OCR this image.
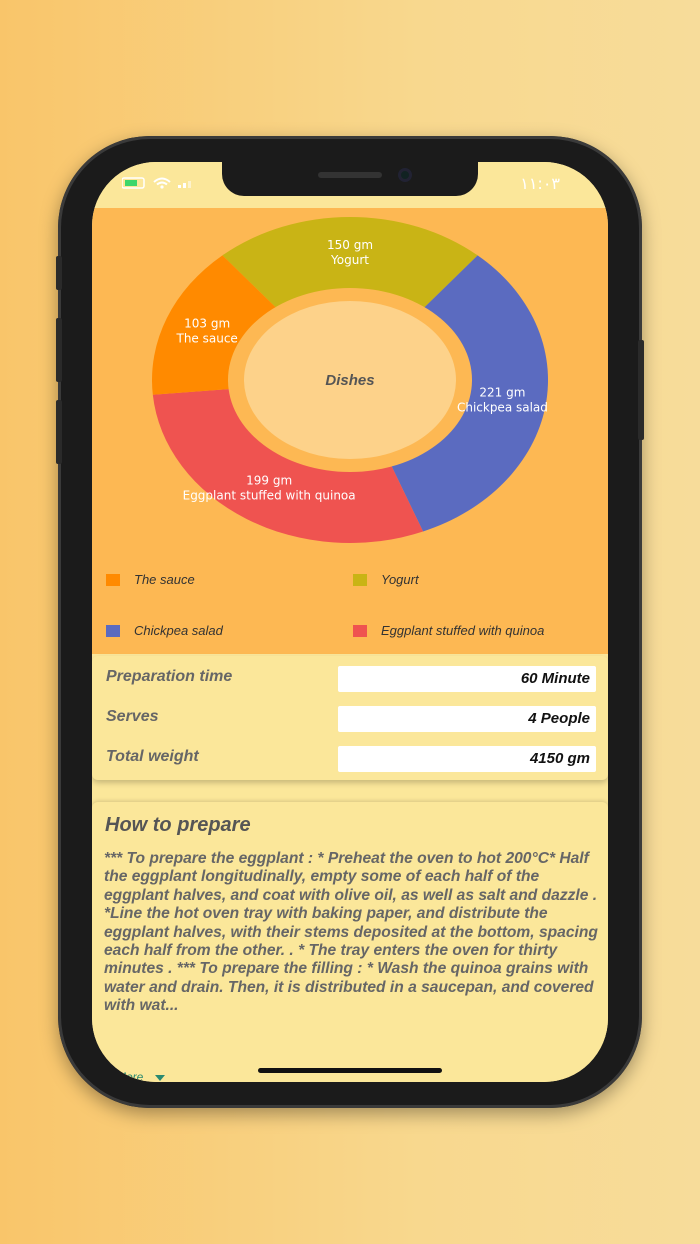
١١:٠٣
Dishes
150 gm
Yogurt
221 gm
Chickpea salad
199 gm
Eggplant stuffed with quinoa
103 gm
The sauce
The sauce	Yogurt
Chickpea salad	Eggplant stuffed with quinoa
Preparation time	60 Minute
Serves	4 People
Total weight	4150 gm
How to prepare
*** To prepare the eggplant : * Preheat the oven to hot 200°C* Half the eggplant longitudinally, empty some of each half of the eggplant halves, and coat with olive oil, as well as salt and dazzle . *Line the hot oven tray with baking paper, and distribute the eggplant halves, with their stems deposited at the bottom, spacing each half from the other. . * The tray enters the oven for thirty minutes . *** To prepare the filling : * Wash the quinoa grains with water and drain. Then, it is distributed in a saucepan, and covered with wat...
More
